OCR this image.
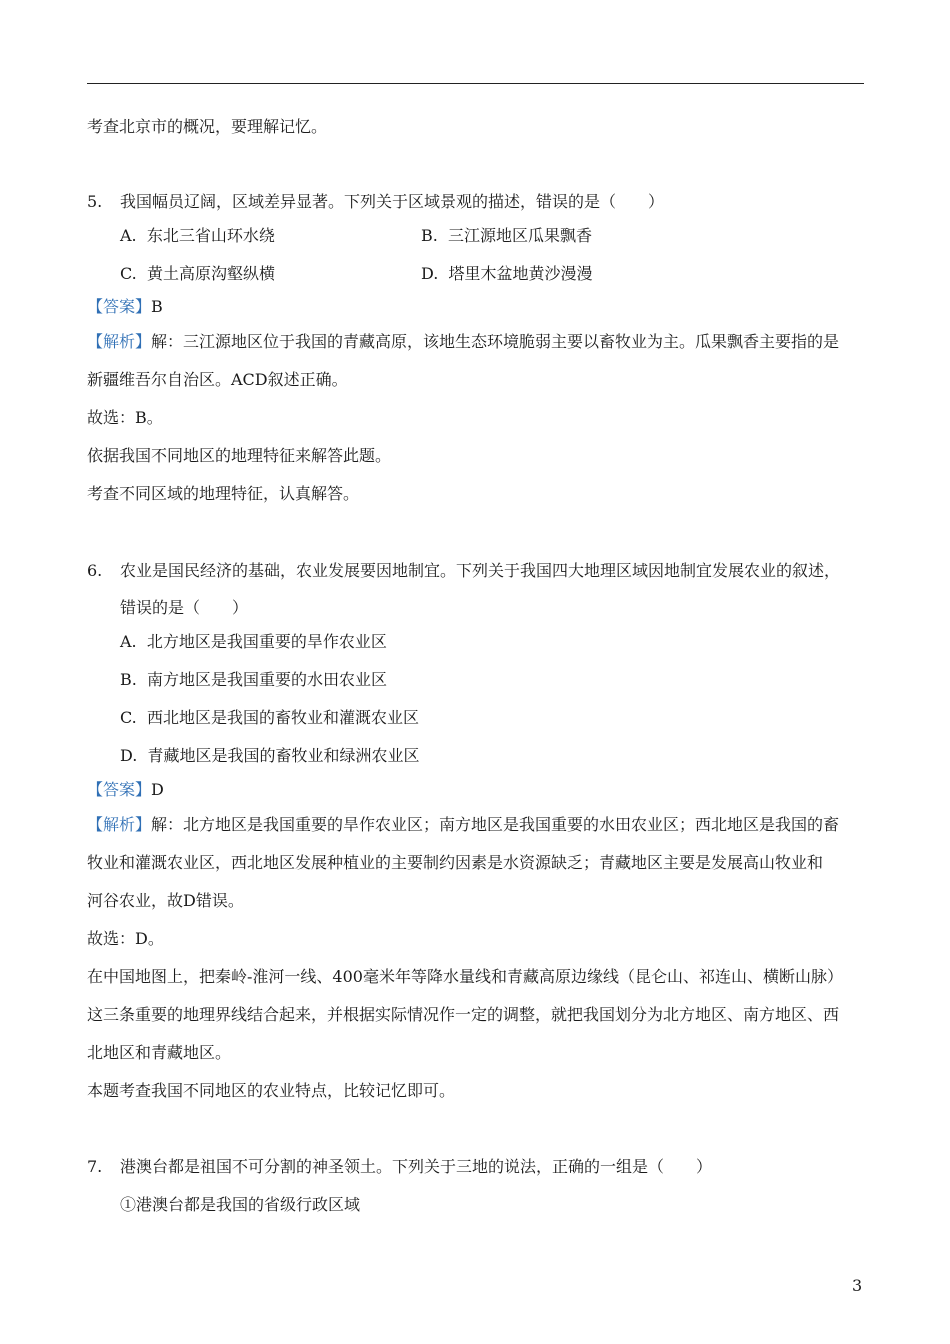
考查北京市的概况，要理解记忆。
5. 我国幅员辽阔，区域差异显著。下列关于区域景观的描述，错误的是（　　）
A. 东北三省山环水绕	B. 三江源地区瓜果飘香
C. 黄土高原沟壑纵横	D. 塔里木盆地黄沙漫漫
【答案】B
【解析】解：三江源地区位于我国的青藏高原，该地生态环境脆弱主要以畜牧业为主。瓜果飘香主要指的是
新疆维吾尔自治区。ACD叙述正确。
故选：B。
依据我国不同地区的地理特征来解答此题。
考查不同区域的地理特征，认真解答。
6. 农业是国民经济的基础，农业发展要因地制宜。下列关于我国四大地理区域因地制宜发展农业的叙述，
错误的是（　　）
A. 北方地区是我国重要的旱作农业区
B. 南方地区是我国重要的水田农业区
C. 西北地区是我国的畜牧业和灌溉农业区
D. 青藏地区是我国的畜牧业和绿洲农业区
【答案】D
【解析】解：北方地区是我国重要的旱作农业区；南方地区是我国重要的水田农业区；西北地区是我国的畜
牧业和灌溉农业区，西北地区发展种植业的主要制约因素是水资源缺乏；青藏地区主要是发展高山牧业和
河谷农业，故D错误。
故选：D。
在中国地图上，把秦岭-淮河一线、400毫米年等降水量线和青藏高原边缘线（昆仑山、祁连山、横断山脉）
这三条重要的地理界线结合起来，并根据实际情况作一定的调整，就把我国划分为北方地区、南方地区、西
北地区和青藏地区。
本题考查我国不同地区的农业特点，比较记忆即可。
7. 港澳台都是祖国不可分割的神圣领土。下列关于三地的说法，正确的一组是（　　）
①港澳台都是我国的省级行政区域
3
